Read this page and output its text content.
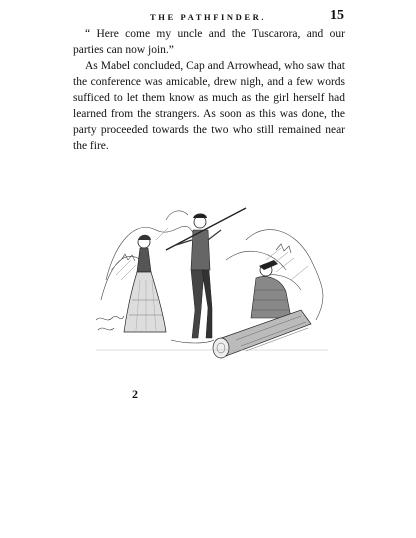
THE PATHFINDER.	15

“ Here come my uncle and the Tuscarora, and our parties can now join.”

As Mabel concluded, Cap and Arrowhead, who saw that the conference was amicable, drew nigh, and a few words sufficed to let them know as much as the girl herself had learned from the strangers. As soon as this was done, the party proceeded towards the two who still remained near the fire.

2
